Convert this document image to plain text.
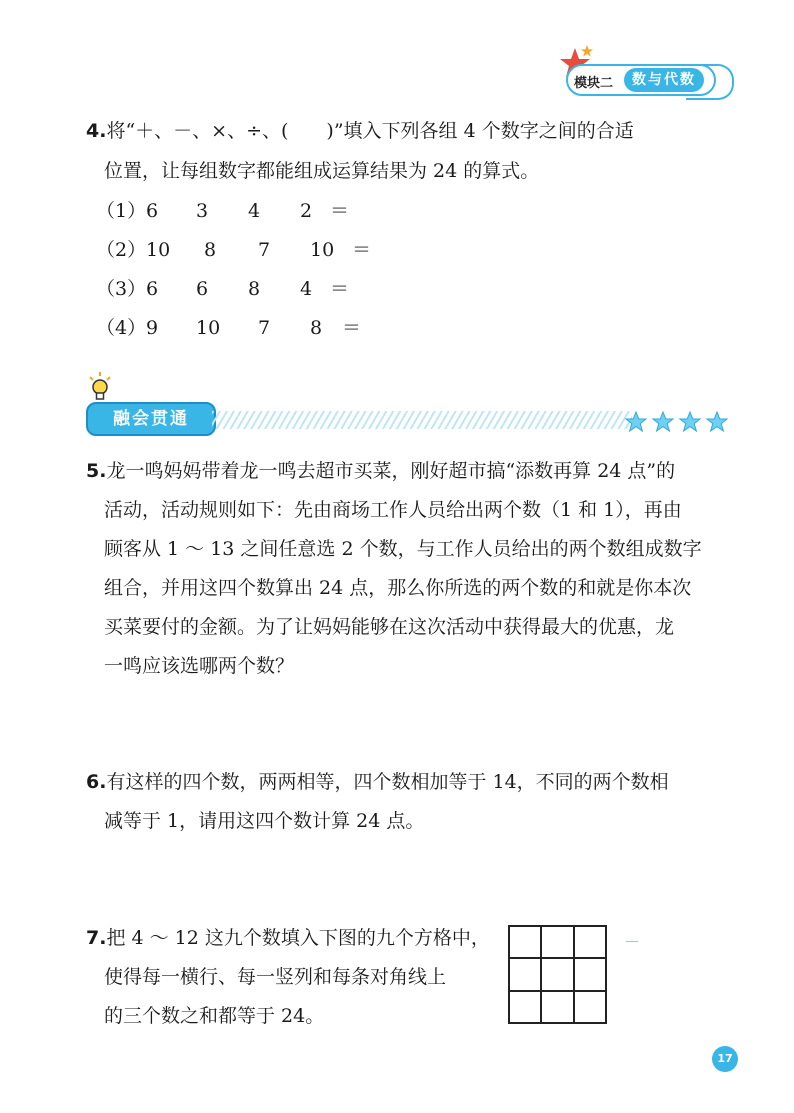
模块二	数与代数
4.将“＋、－、×、÷、(　　)”填入下列各组 4 个数字之间的合适
位置，让每组数字都能组成运算结果为 24 的算式。
（1） 6 3 4 2 ＝
（2） 10 8 7 10 ＝
（3） 6 6 8 4 ＝
（4） 9 10 7 8 ＝
融会贯通
5.龙一鸣妈妈带着龙一鸣去超市买菜，刚好超市搞“添数再算 24 点”的
活动，活动规则如下：先由商场工作人员给出两个数（1 和 1），再由
顾客从 1 ～ 13 之间任意选 2 个数，与工作人员给出的两个数组成数字
组合，并用这四个数算出 24 点，那么你所选的两个数的和就是你本次
买菜要付的金额。为了让妈妈能够在这次活动中获得最大的优惠，龙
一鸣应该选哪两个数？
6.有这样的四个数，两两相等，四个数相加等于 14，不同的两个数相
减等于 1，请用这四个数计算 24 点。
7.把 4 ～ 12 这九个数填入下图的九个方格中，
使得每一横行、每一竖列和每条对角线上
的三个数之和都等于 24。
17
